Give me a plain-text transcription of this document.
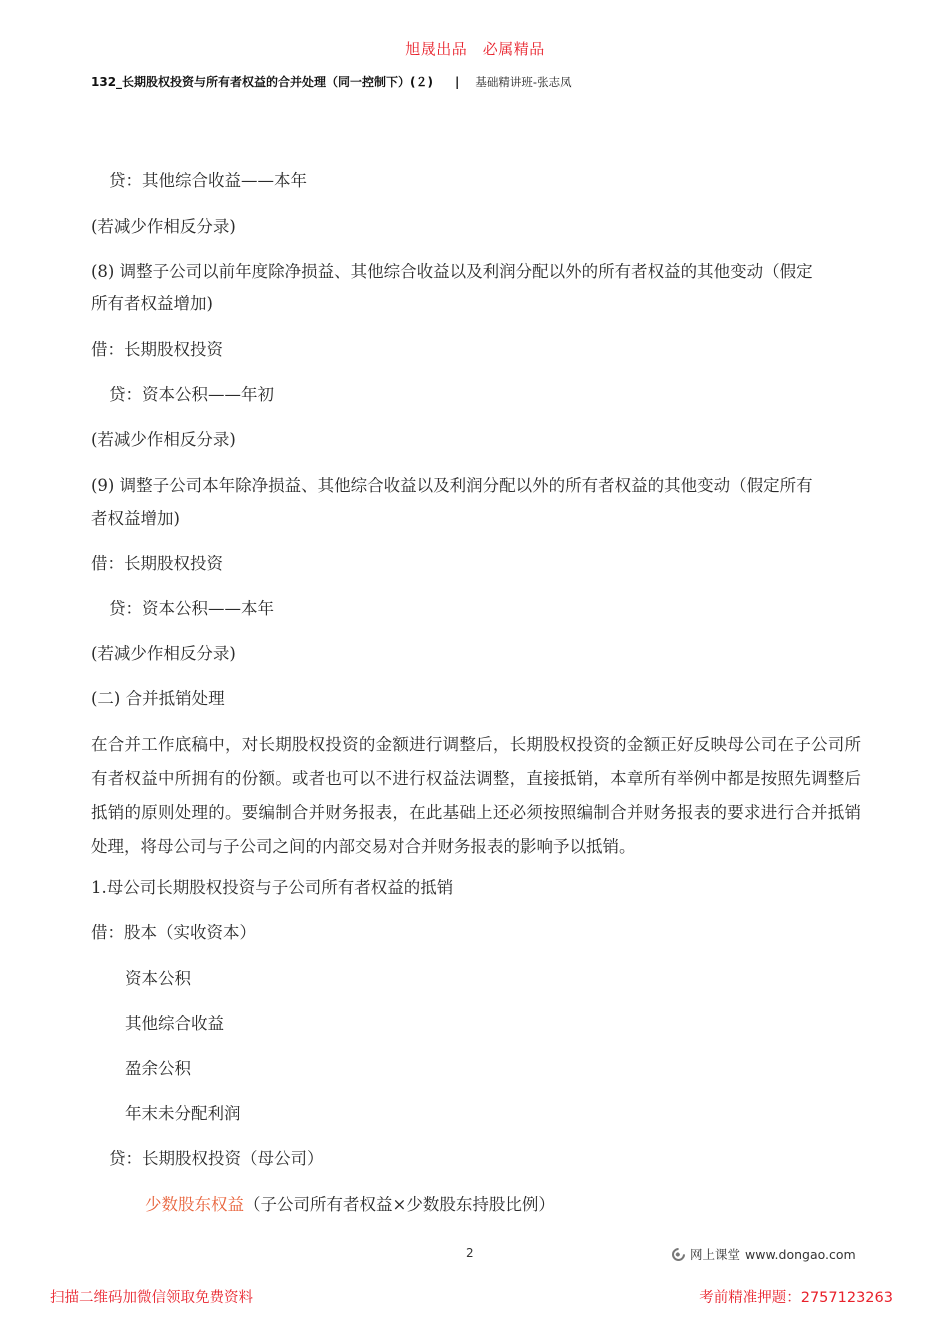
旭晟出品　必属精品
132_长期股权投资与所有者权益的合并处理（同一控制下）(２) | 基础精讲班-张志凤
贷：其他综合收益——本年
(若减少作相反分录)
(8) 调整子公司以前年度除净损益、其他综合收益以及利润分配以外的所有者权益的其他变动（假定
所有者权益增加)
借：长期股权投资
贷：资本公积——年初
(若减少作相反分录)
(9) 调整子公司本年除净损益、其他综合收益以及利润分配以外的所有者权益的其他变动（假定所有
者权益增加)
借：长期股权投资
贷：资本公积——本年
(若减少作相反分录)
(二) 合并抵销处理
在合并工作底稿中，对长期股权投资的金额进行调整后，长期股权投资的金额正好反映母公司在子公司所有者权益中所拥有的份额。或者也可以不进行权益法调整，直接抵销，本章所有举例中都是按照先调整后抵销的原则处理的。要编制合并财务报表，在此基础上还必须按照编制合并财务报表的要求进行合并抵销处理，将母公司与子公司之间的内部交易对合并财务报表的影响予以抵销。
1.母公司长期股权投资与子公司所有者权益的抵销
借：股本（实收资本）
资本公积
其他综合收益
盈余公积
年末未分配利润
贷：长期股权投资（母公司）
少数股东权益（子公司所有者权益×少数股东持股比例）
2	网上课堂 www.dongao.com
扫描二维码加微信领取免费资料	考前精准押题：2757123263
